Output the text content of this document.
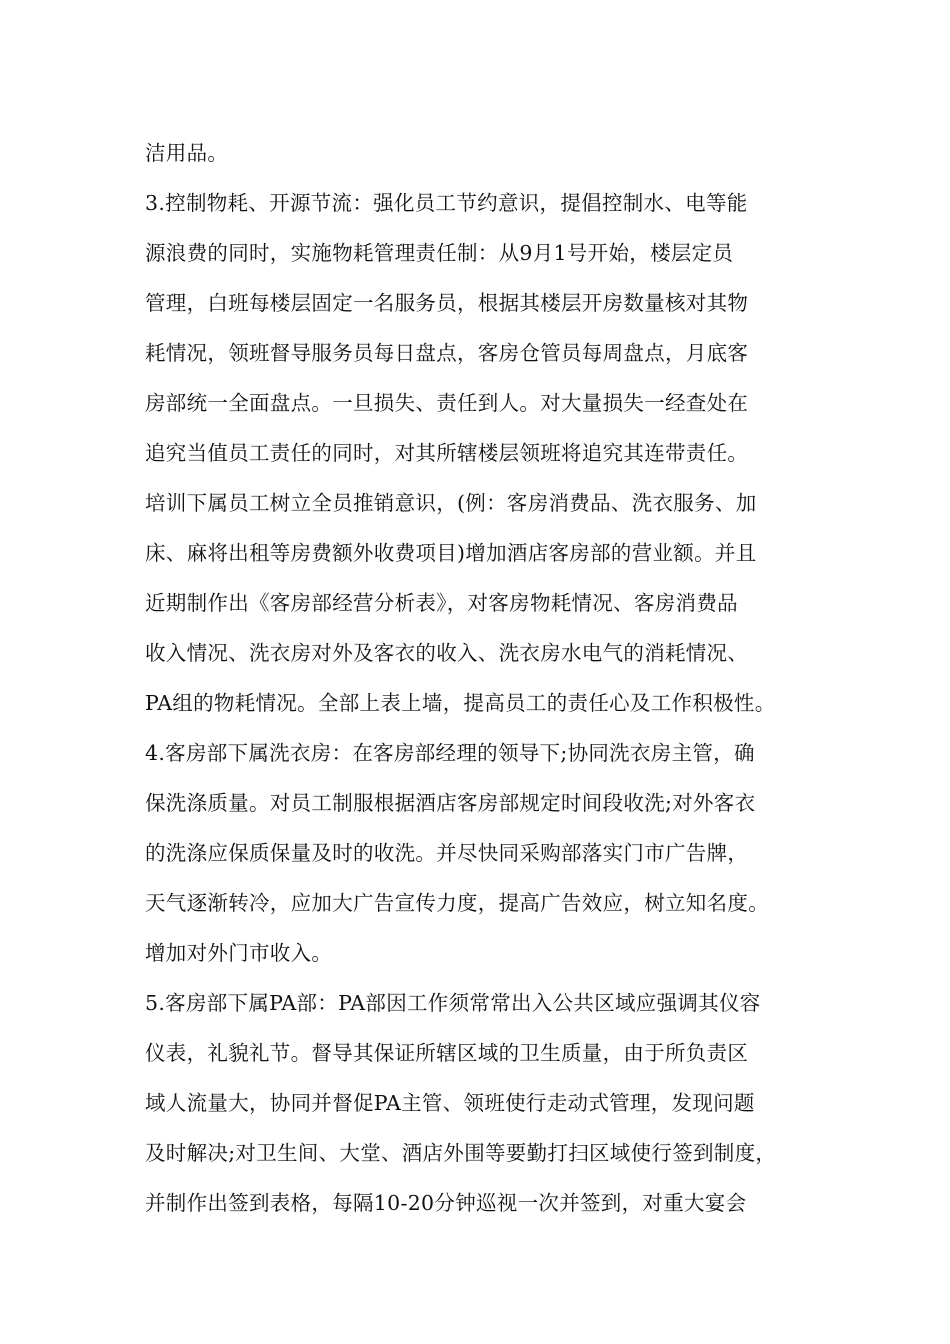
洁用品。
3.控制物耗、开源节流：强化员工节约意识，提倡控制水、电等能
源浪费的同时，实施物耗管理责任制：从9月1号开始，楼层定员
管理，白班每楼层固定一名服务员，根据其楼层开房数量核对其物
耗情况，领班督导服务员每日盘点，客房仓管员每周盘点，月底客
房部统一全面盘点。一旦损失、责任到人。对大量损失一经查处在
追究当值员工责任的同时，对其所辖楼层领班将追究其连带责任。
培训下属员工树立全员推销意识，(例：客房消费品、洗衣服务、加
床、麻将出租等房费额外收费项目)增加酒店客房部的营业额。并且
近期制作出《客房部经营分析表》，对客房物耗情况、客房消费品
收入情况、洗衣房对外及客衣的收入、洗衣房水电气的消耗情况、
PA组的物耗情况。全部上表上墙，提高员工的责任心及工作积极性。
4.客房部下属洗衣房：在客房部经理的领导下;协同洗衣房主管，确
保洗涤质量。对员工制服根据酒店客房部规定时间段收洗;对外客衣
的洗涤应保质保量及时的收洗。并尽快同采购部落实门市广告牌，
天气逐渐转冷，应加大广告宣传力度，提高广告效应，树立知名度。
增加对外门市收入。
5.客房部下属PA部：PA部因工作须常常出入公共区域应强调其仪容
仪表，礼貌礼节。督导其保证所辖区域的卫生质量，由于所负责区
域人流量大，协同并督促PA主管、领班使行走动式管理，发现问题
及时解决;对卫生间、大堂、酒店外围等要勤打扫区域使行签到制度，
并制作出签到表格，每隔10-20分钟巡视一次并签到，对重大宴会
